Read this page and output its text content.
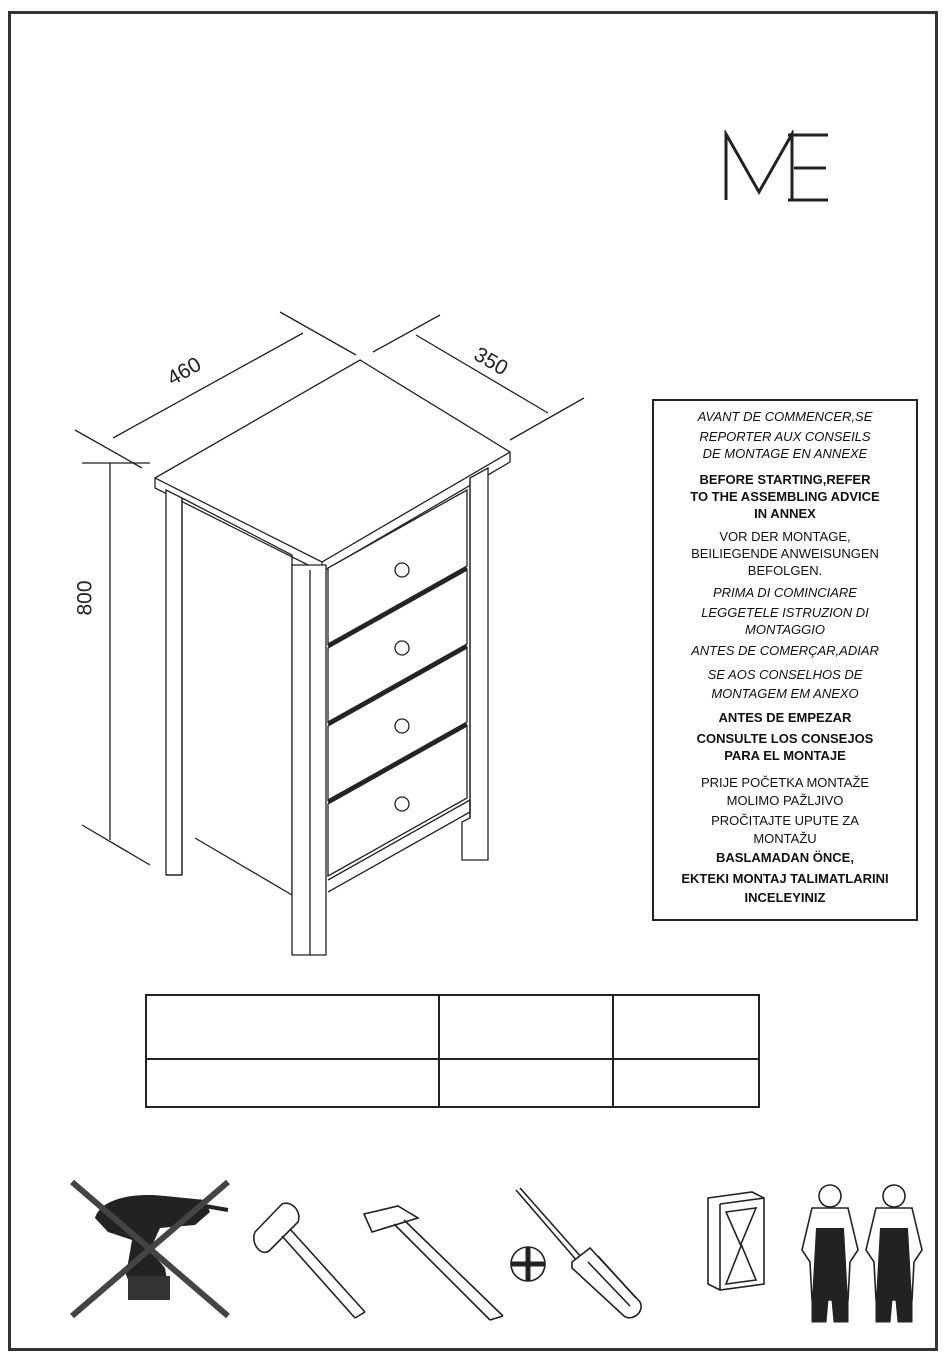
460	350
800
AVANT DE COMMENCER,SE
REPORTER AUX CONSEILS
DE MONTAGE EN ANNEXE
BEFORE STARTING,REFER
TO THE ASSEMBLING ADVICE
IN ANNEX
VOR DER MONTAGE,
BEILIEGENDE ANWEISUNGEN
BEFOLGEN.
PRIMA DI COMINCIARE
LEGGETELE ISTRUZION DI
MONTAGGIO
ANTES DE COMERÇAR,ADIAR
SE AOS CONSELHOS DE
MONTAGEM EM ANEXO
ANTES DE EMPEZAR
CONSULTE LOS CONSEJOS
PARA EL MONTAJE
PRIJE POČETKA MONTAŽE
MOLIMO PAŽLJIVO
PROČITAJTE UPUTE ZA
MONTAŽU
BASLAMADAN ÖNCE,
EKTEKI MONTAJ TALIMATLARINI
INCELEYINIZ
